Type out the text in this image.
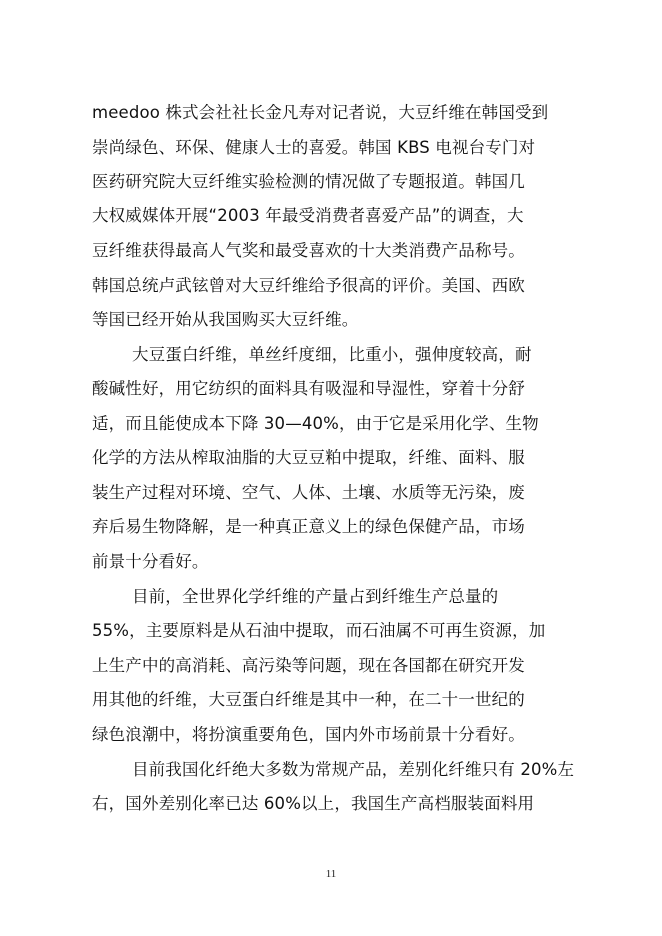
meedoo 株式会社社长金凡寿对记者说，大豆纤维在韩国受到
崇尚绿色、环保、健康人士的喜爱。韩国 KBS 电视台专门对
医药研究院大豆纤维实验检测的情况做了专题报道。韩国几
大权威媒体开展“2003 年最受消费者喜爱产品”的调查，大
豆纤维获得最高人气奖和最受喜欢的十大类消费产品称号。
韩国总统卢武铉曾对大豆纤维给予很高的评价。美国、西欧
等国已经开始从我国购买大豆纤维。
大豆蛋白纤维，单丝纤度细，比重小，强伸度较高，耐
酸碱性好，用它纺织的面料具有吸湿和导湿性，穿着十分舒
适，而且能使成本下降 30—40%，由于它是采用化学、生物
化学的方法从榨取油脂的大豆豆粕中提取，纤维、面料、服
装生产过程对环境、空气、人体、土壤、水质等无污染，废
弃后易生物降解，是一种真正意义上的绿色保健产品，市场
前景十分看好。
目前，全世界化学纤维的产量占到纤维生产总量的
55%，主要原料是从石油中提取，而石油属不可再生资源，加
上生产中的高消耗、高污染等问题，现在各国都在研究开发
用其他的纤维，大豆蛋白纤维是其中一种，在二十一世纪的
绿色浪潮中，将扮演重要角色，国内外市场前景十分看好。
目前我国化纤绝大多数为常规产品，差别化纤维只有 20%左
右，国外差别化率已达 60%以上，我国生产高档服装面料用
11
